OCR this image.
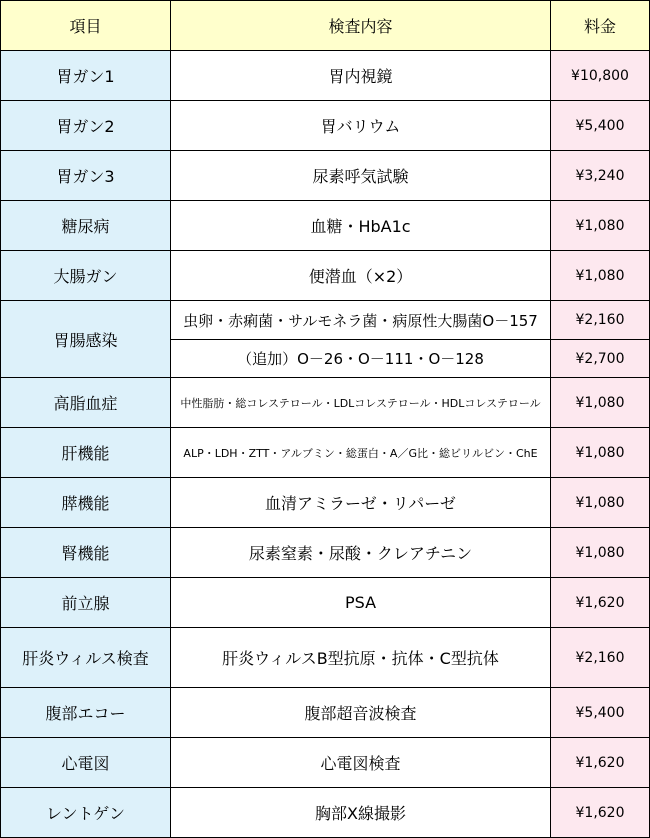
項目	検査内容	料金
胃ガン1	胃内視鏡	¥10,800
胃ガン2	胃バリウム	¥5,400
胃ガン3	尿素呼気試験	¥3,240
糖尿病	血糖・HbA1c	¥1,080
大腸ガン	便潜血（×2）	¥1,080
胃腸感染	虫卵・赤痢菌・サルモネラ菌・病原性大腸菌O－157	¥2,160
	（追加）O－26・O－111・O－128	¥2,700
高脂血症	中性脂肪・総コレステロール・LDLコレステロール・HDLコレステロール	¥1,080
肝機能	ALP・LDH・ZTT・アルブミン・総蛋白・A／G比・総ビリルビン・ChE	¥1,080
膵機能	血清アミラーゼ・リパーゼ	¥1,080
腎機能	尿素窒素・尿酸・クレアチニン	¥1,080
前立腺	PSA	¥1,620
肝炎ウィルス検査	肝炎ウィルスB型抗原・抗体・C型抗体	¥2,160
腹部エコー	腹部超音波検査	¥5,400
心電図	心電図検査	¥1,620
レントゲン	胸部X線撮影	¥1,620
